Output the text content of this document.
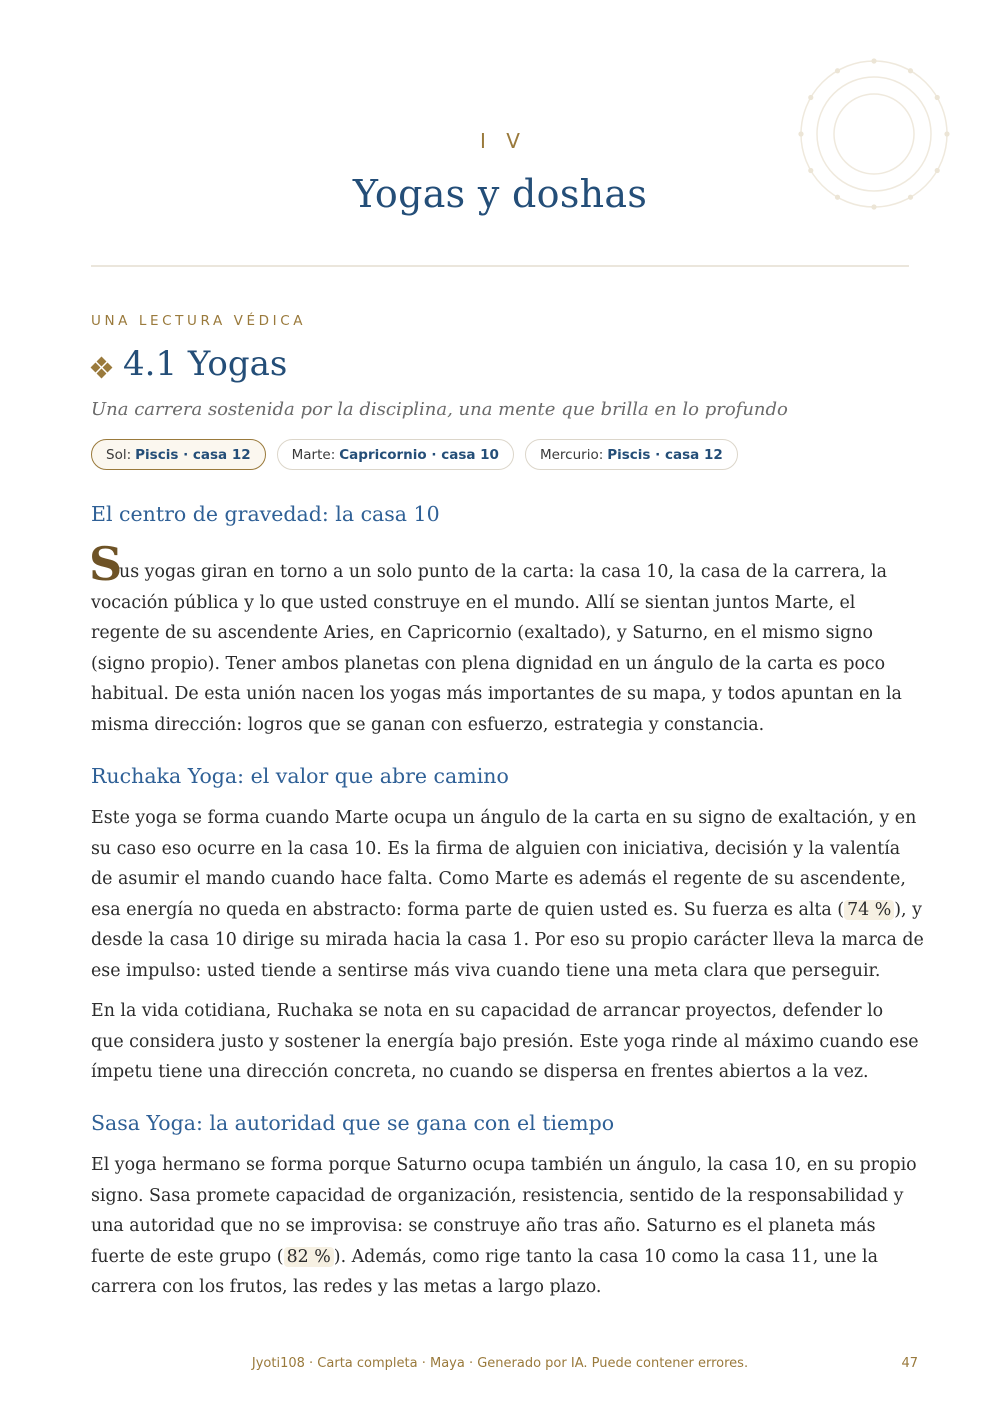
I V
Yogas y doshas
UNA LECTURA VÉDICA
4.1 Yogas
Una carrera sostenida por la disciplina, una mente que brilla en lo profundo
Sol: Piscis · casa 12	Marte: Capricornio · casa 10	Mercurio: Piscis · casa 12
El centro de gravedad: la casa 10
S
us yogas giran en torno a un solo punto de la carta: la casa 10, la casa de la carrera, la
vocación pública y lo que usted construye en el mundo. Allí se sientan juntos Marte, el
regente de su ascendente Aries, en Capricornio (exaltado), y Saturno, en el mismo signo
(signo propio). Tener ambos planetas con plena dignidad en un ángulo de la carta es poco
habitual. De esta unión nacen los yogas más importantes de su mapa, y todos apuntan en la
misma dirección: logros que se ganan con esfuerzo, estrategia y constancia.
Ruchaka Yoga: el valor que abre camino
Este yoga se forma cuando Marte ocupa un ángulo de la carta en su signo de exaltación, y en
su caso eso ocurre en la casa 10. Es la firma de alguien con iniciativa, decisión y la valentía
de asumir el mando cuando hace falta. Como Marte es además el regente de su ascendente,
esa energía no queda en abstracto: forma parte de quien usted es. Su fuerza es alta ( 74 % ), y
desde la casa 10 dirige su mirada hacia la casa 1. Por eso su propio carácter lleva la marca de
ese impulso: usted tiende a sentirse más viva cuando tiene una meta clara que perseguir.
En la vida cotidiana, Ruchaka se nota en su capacidad de arrancar proyectos, defender lo
que considera justo y sostener la energía bajo presión. Este yoga rinde al máximo cuando ese
ímpetu tiene una dirección concreta, no cuando se dispersa en frentes abiertos a la vez.
Sasa Yoga: la autoridad que se gana con el tiempo
El yoga hermano se forma porque Saturno ocupa también un ángulo, la casa 10, en su propio
signo. Sasa promete capacidad de organización, resistencia, sentido de la responsabilidad y
una autoridad que no se improvisa: se construye año tras año. Saturno es el planeta más
fuerte de este grupo ( 82 % ). Además, como rige tanto la casa 10 como la casa 11, une la
carrera con los frutos, las redes y las metas a largo plazo.
Jyoti108 · Carta completa · Maya · Generado por IA. Puede contener errores.	47
